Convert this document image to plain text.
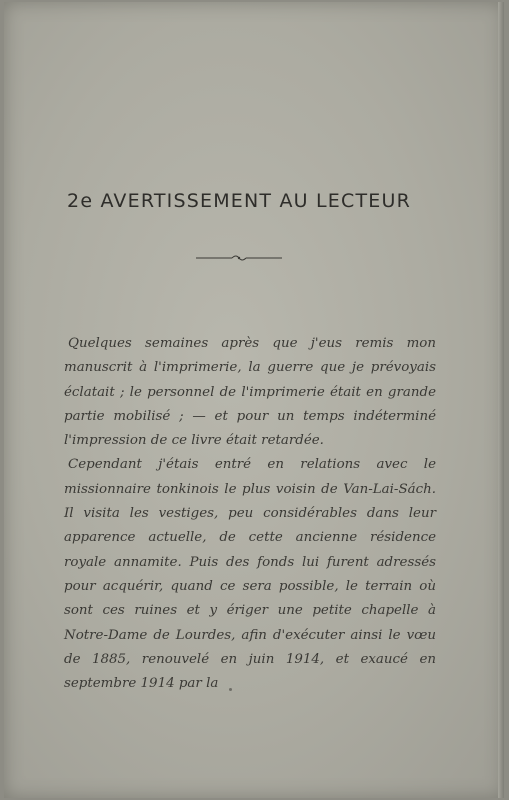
2e AVERTISSEMENT AU LECTEUR

Quelques semaines après que j'eus remis mon manuscrit à l'imprimerie, la guerre que je prévoyais éclatait ; le personnel de l'imprimerie était en grande partie mobilisé ; — et pour un temps indéterminé l'impression de ce livre était retardée.

Cependant j'étais entré en relations avec le missionnaire tonkinois le plus voisin de Van-Lai-Sách. Il visita les vestiges, peu considérables dans leur apparence actuelle, de cette ancienne résidence royale annamite. Puis des fonds lui furent adressés pour acquérir, quand ce sera possible, le terrain où sont ces ruines et y ériger une petite chapelle à Notre-Dame de Lourdes, afin d'exécuter ainsi le vœu de 1885, renouvelé en juin 1914, et exaucé en septembre 1914 par la
